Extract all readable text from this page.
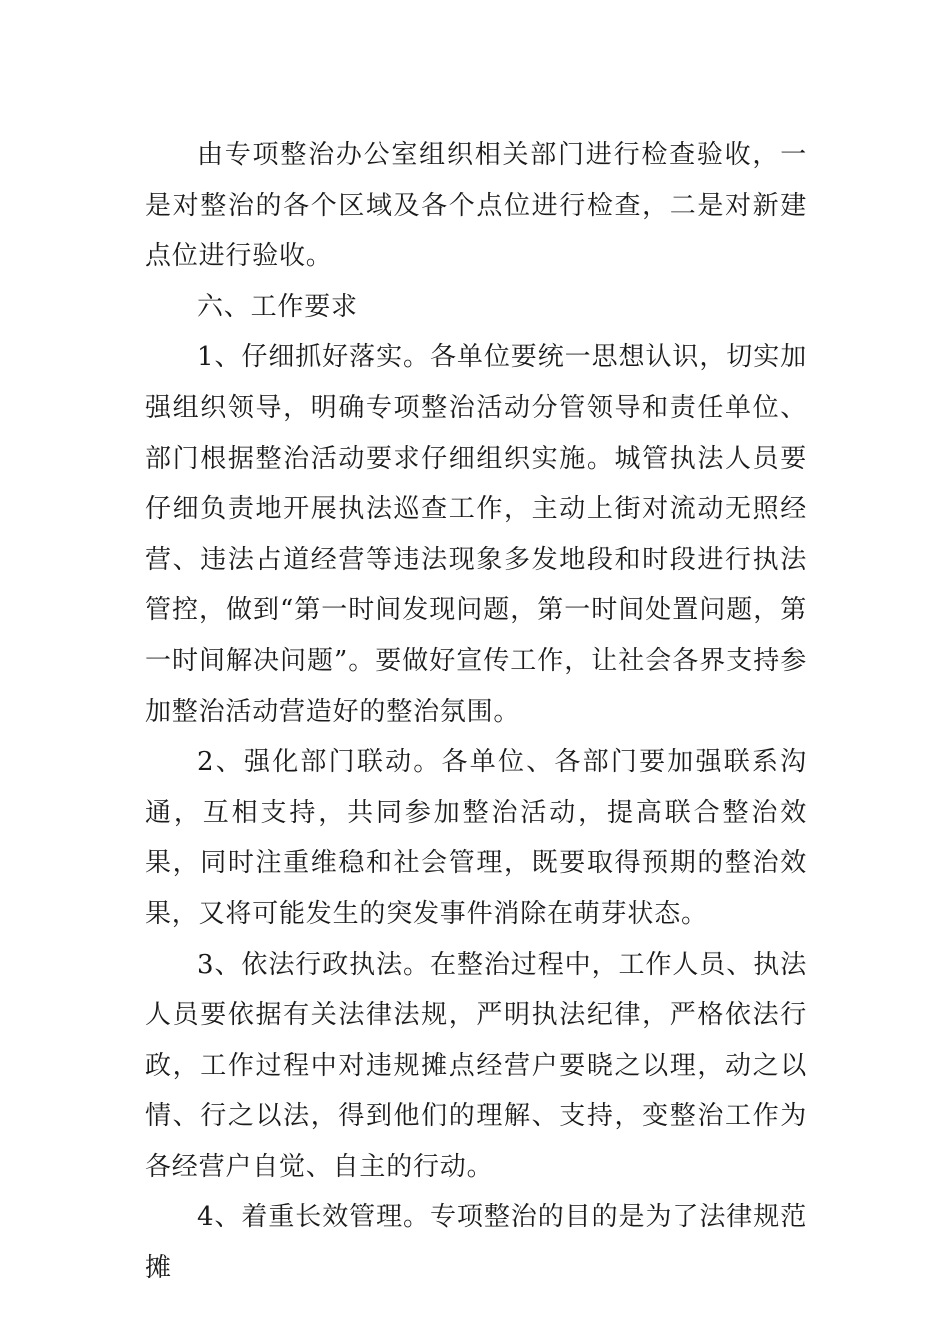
由专项整治办公室组织相关部门进行检查验收，一是对整治的各个区域及各个点位进行检查，二是对新建点位进行验收。

六、工作要求

1、仔细抓好落实。各单位要统一思想认识，切实加强组织领导，明确专项整治活动分管领导和责任单位、部门根据整治活动要求仔细组织实施。城管执法人员要仔细负责地开展执法巡查工作，主动上街对流动无照经营、违法占道经营等违法现象多发地段和时段进行执法管控，做到“第一时间发现问题，第一时间处置问题，第一时间解决问题”。要做好宣传工作，让社会各界支持参加整治活动营造好的整治氛围。

2、强化部门联动。各单位、各部门要加强联系沟通，互相支持，共同参加整治活动，提高联合整治效果，同时注重维稳和社会管理，既要取得预期的整治效果，又将可能发生的突发事件消除在萌芽状态。

3、依法行政执法。在整治过程中，工作人员、执法人员要依据有关法律法规，严明执法纪律，严格依法行政，工作过程中对违规摊点经营户要晓之以理，动之以情、行之以法，得到他们的理解、支持，变整治工作为各经营户自觉、自主的行动。

4、着重长效管理。专项整治的目的是为了法律规范摊
